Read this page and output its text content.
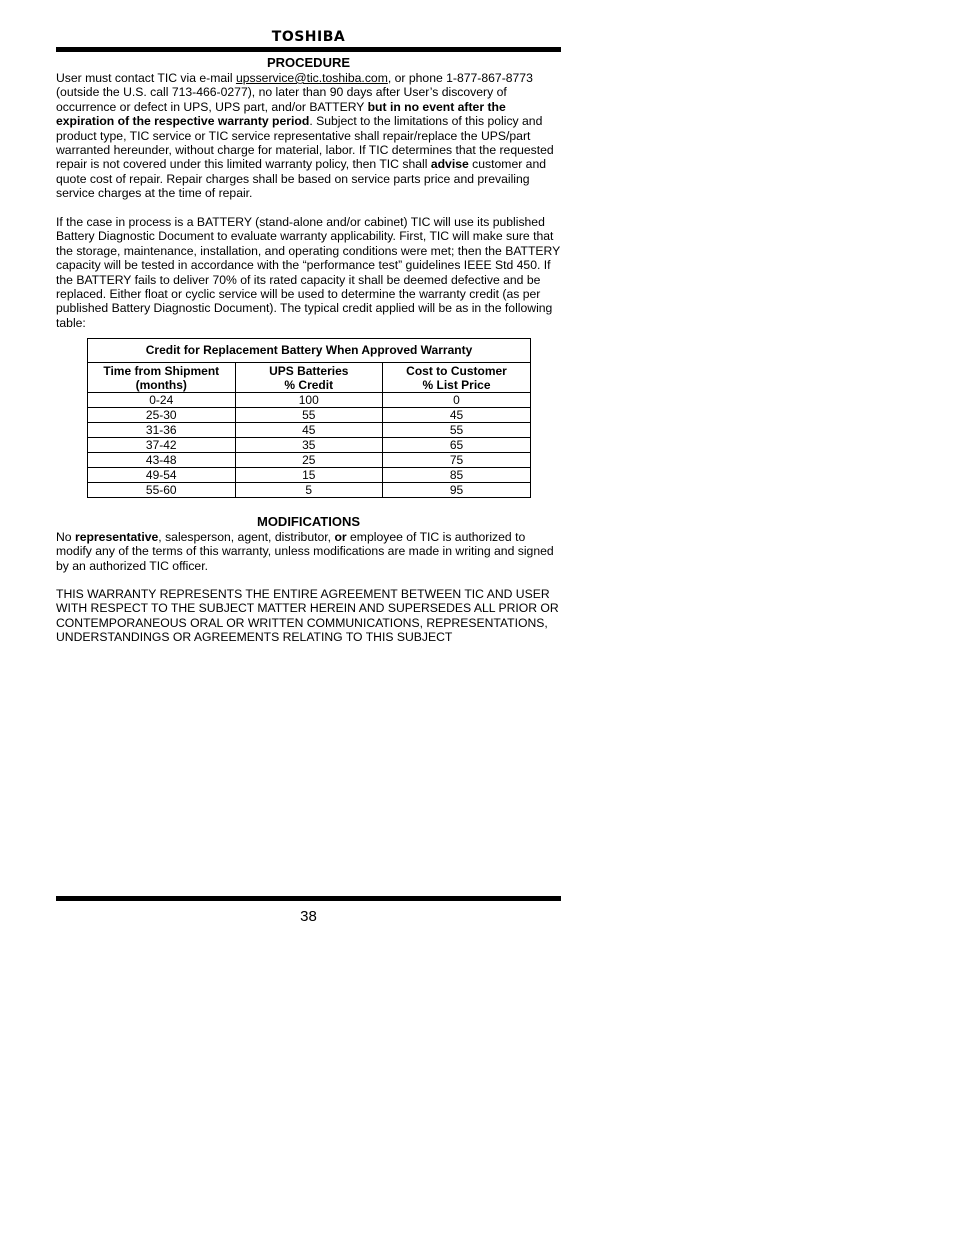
TOSHIBA
PROCEDURE

User must contact TIC via e-mail upsservice@tic.toshiba.com, or phone 1-877-867-8773 (outside the U.S. call 713-466-0277), no later than 90 days after User’s discovery of occurrence or defect in UPS, UPS part, and/or BATTERY but in no event after the expiration of the respective warranty period. Subject to the limitations of this policy and product type, TIC service or TIC service representative shall repair/replace the UPS/part warranted hereunder, without charge for material, labor. If TIC determines that the requested repair is not covered under this limited warranty policy, then TIC shall advise customer and quote cost of repair. Repair charges shall be based on service parts price and prevailing service charges at the time of repair.

If the case in process is a BATTERY (stand-alone and/or cabinet) TIC will use its published Battery Diagnostic Document to evaluate warranty applicability. First, TIC will make sure that the storage, maintenance, installation, and operating conditions were met; then the BATTERY capacity will be tested in accordance with the “performance test” guidelines IEEE Std 450. If the BATTERY fails to deliver 70% of its rated capacity it shall be deemed defective and be replaced. Either float or cyclic service will be used to determine the warranty credit (as per published Battery Diagnostic Document). The typical credit applied will be as in the following table:

Credit for Replacement Battery When Approved Warranty		
Time from Shipment	UPS Batteries	Cost to Customer
(months)	% Credit	% List Price
0-24	100	0
25-30	55	45
31-36	45	55
37-42	35	65
43-48	25	75
49-54	15	85
55-60	5	95
MODIFICATIONS

No representative, salesperson, agent, distributor, or employee of TIC is authorized to modify any of the terms of this warranty, unless modifications are made in writing and signed by an authorized TIC officer.

THIS WARRANTY REPRESENTS THE ENTIRE AGREEMENT BETWEEN TIC AND USER WITH RESPECT TO THE SUBJECT MATTER HEREIN AND SUPERSEDES ALL PRIOR OR CONTEMPORANEOUS ORAL OR WRITTEN COMMUNICATIONS, REPRESENTATIONS, UNDERSTANDINGS OR AGREEMENTS RELATING TO THIS SUBJECT

38
